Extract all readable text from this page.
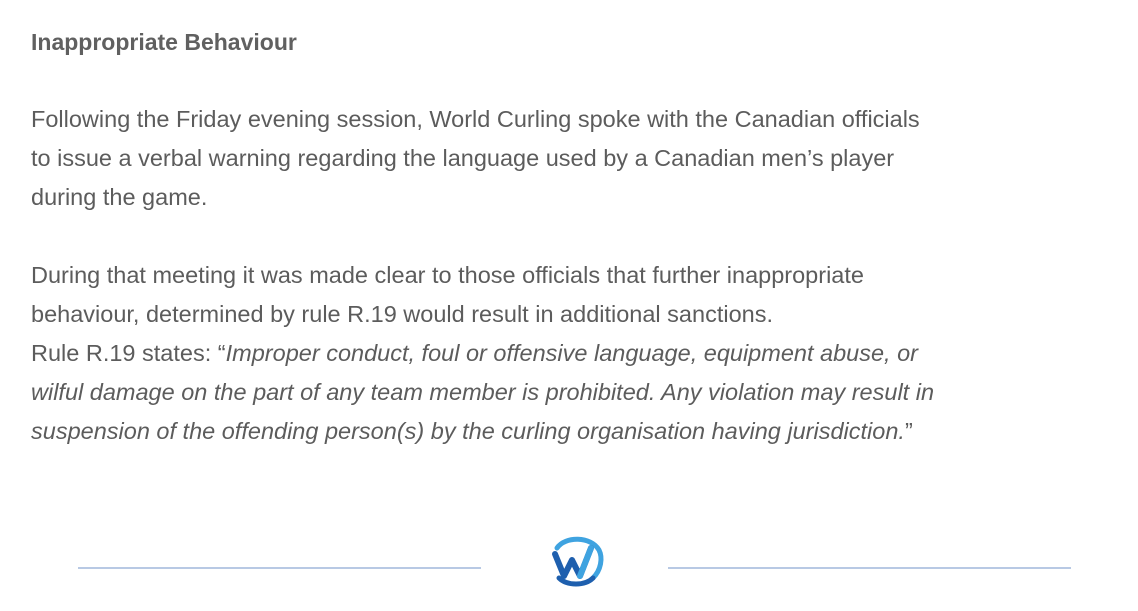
Inappropriate Behaviour

Following the Friday evening session, World Curling spoke with the Canadian officials
to issue a verbal warning regarding the language used by a Canadian men’s player
during the game.

During that meeting it was made clear to those officials that further inappropriate
behaviour, determined by rule R.19 would result in additional sanctions.
Rule R.19 states: “Improper conduct, foul or offensive language, equipment abuse, or
wilful damage on the part of any team member is prohibited. Any violation may result in
suspension of the offending person(s) by the curling organisation having jurisdiction.”
